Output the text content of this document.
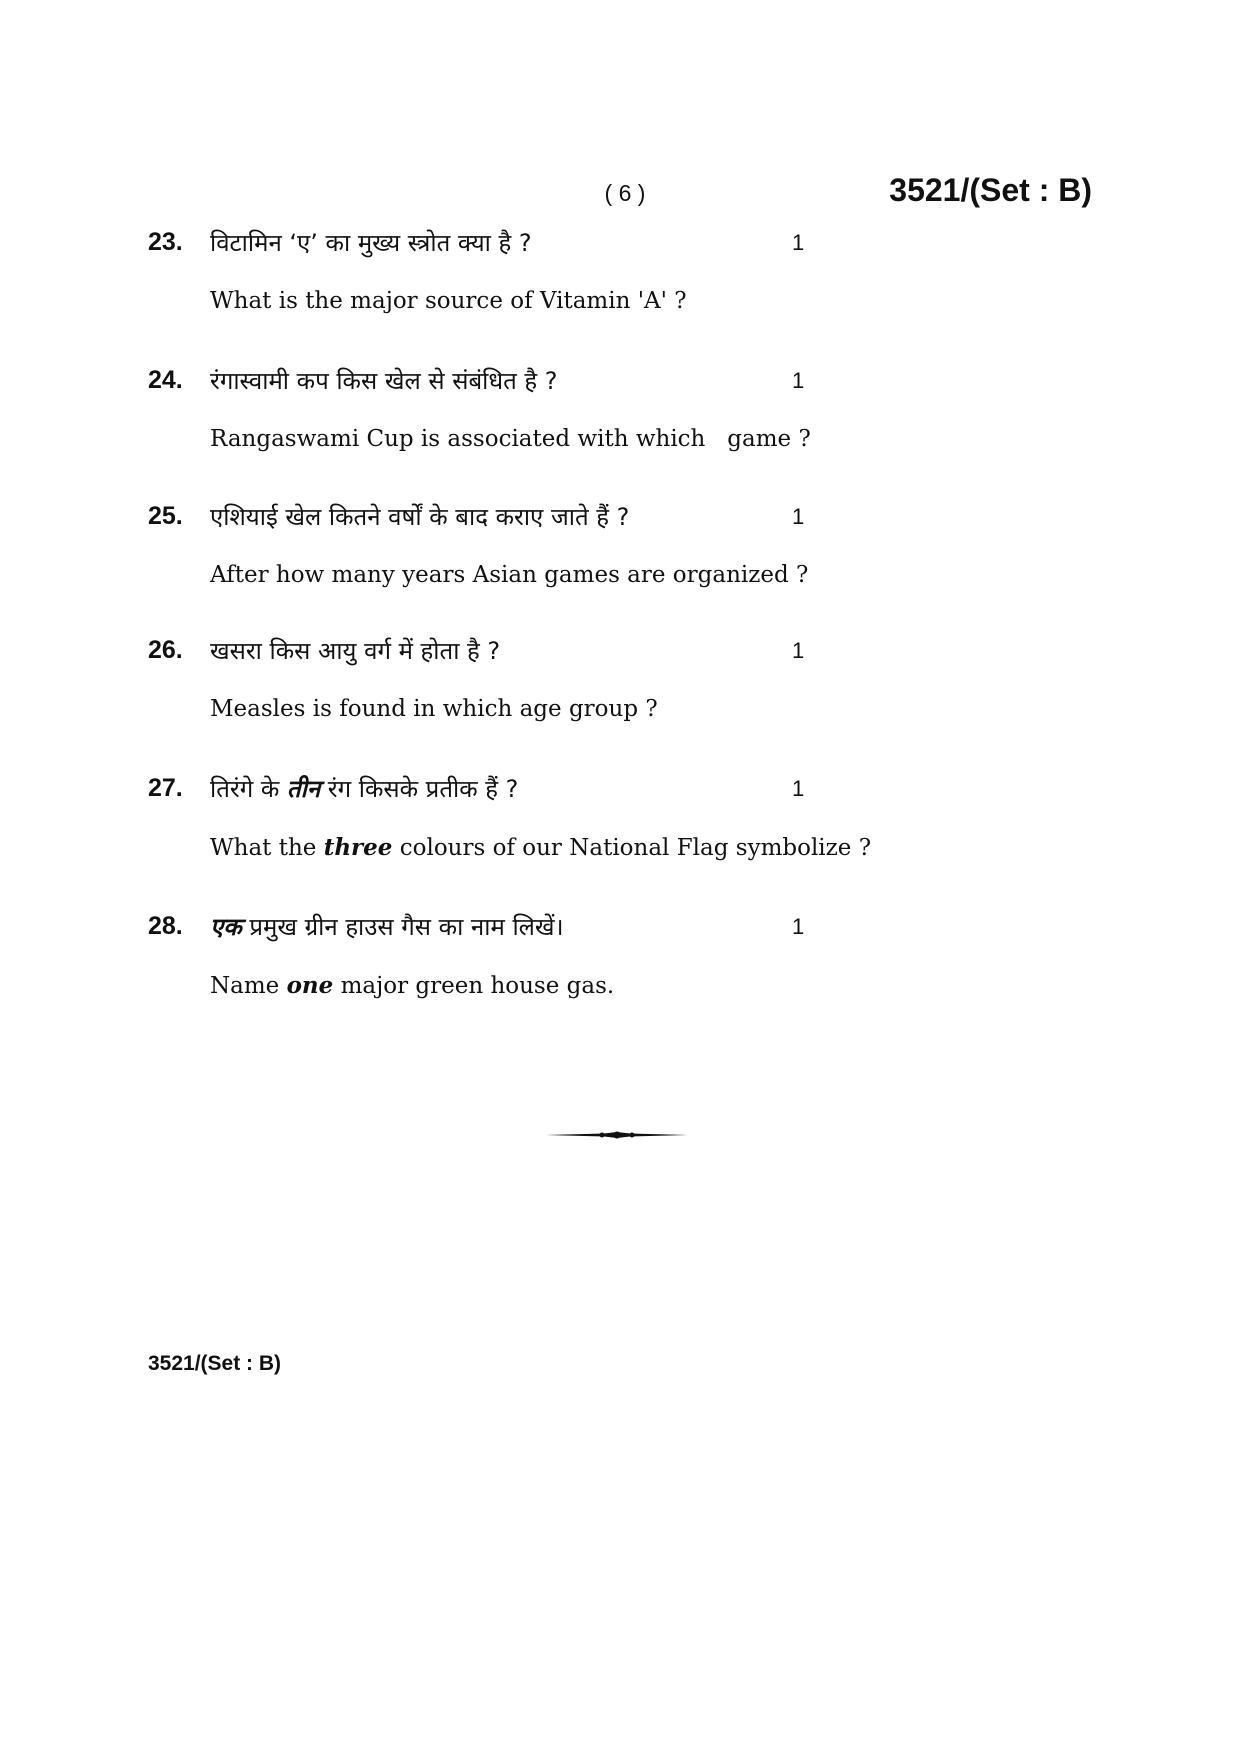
( 6 )	3521/(Set : B)
23. विटामिन ‘ए’ का मुख्य स्त्रोत क्या है ?	1
What is the major source of Vitamin 'A' ?
24. रंगास्वामी कप किस खेल से संबंधित है ?	1
Rangaswami Cup is associated with which   game ?
25. एशियाई खेल कितने वर्षों के बाद कराए जाते हैं ?	1
After how many years Asian games are organized ?
26. खसरा किस आयु वर्ग में होता है ?	1
Measles is found in which age group ?
27. तिरंगे के तीन रंग किसके प्रतीक हैं ?	1
What the three colours of our National Flag symbolize ?
28. एक प्रमुख ग्रीन हाउस गैस का नाम लिखें।	1
Name one major green house gas.
3521/(Set : B)
